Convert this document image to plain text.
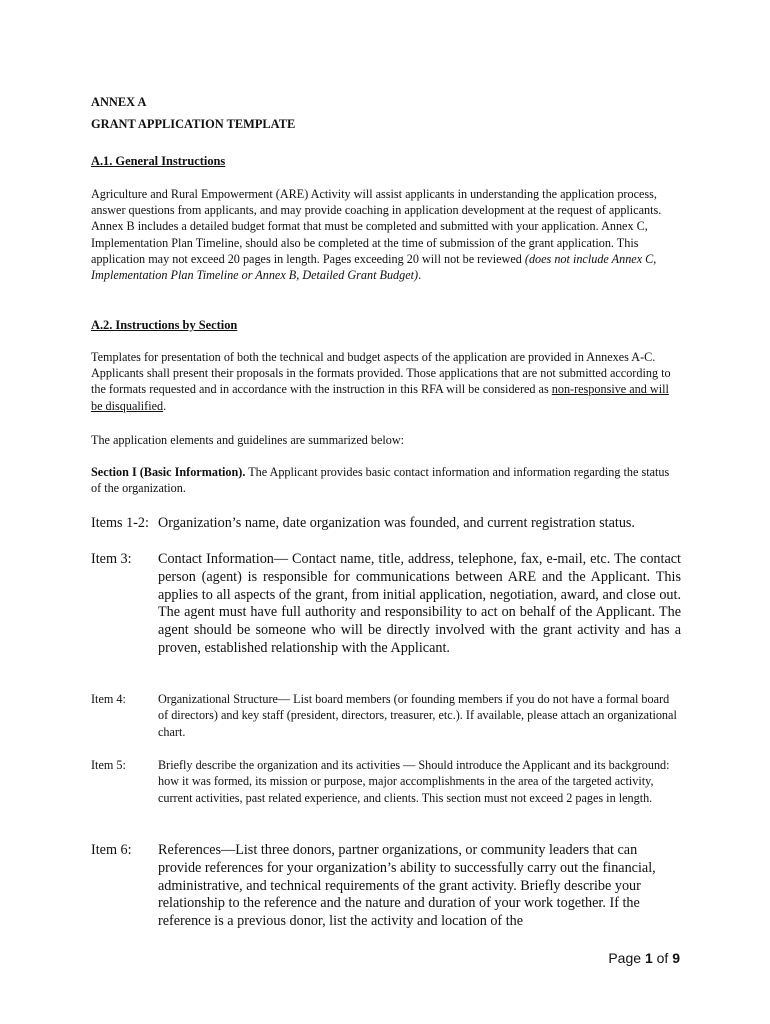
ANNEX A
GRANT APPLICATION TEMPLATE
A.1. General Instructions
Agriculture and Rural Empowerment (ARE) Activity will assist applicants in understanding the application process, answer questions from applicants, and may provide coaching in application development at the request of applicants. Annex B includes a detailed budget format that must be completed and submitted with your application. Annex C, Implementation Plan Timeline, should also be completed at the time of submission of the grant application. This application may not exceed 20 pages in length. Pages exceeding 20 will not be reviewed (does not include Annex C, Implementation Plan Timeline or Annex B, Detailed Grant Budget).
A.2. Instructions by Section
Templates for presentation of both the technical and budget aspects of the application are provided in Annexes A-C. Applicants shall present their proposals in the formats provided. Those applications that are not submitted according to the formats requested and in accordance with the instruction in this RFA will be considered as non-responsive and will be disqualified.
The application elements and guidelines are summarized below:
Section I (Basic Information). The Applicant provides basic contact information and information regarding the status of the organization.
Items 1-2: Organization’s name, date organization was founded, and current registration status.
Item 3: Contact Information— Contact name, title, address, telephone, fax, e-mail, etc. The contact person (agent) is responsible for communications between ARE and the Applicant. This applies to all aspects of the grant, from initial application, negotiation, award, and close out. The agent must have full authority and responsibility to act on behalf of the Applicant. The agent should be someone who will be directly involved with the grant activity and has a proven, established relationship with the Applicant.
Item 4:	Organizational Structure— List board members (or founding members if you do not have a formal board of directors) and key staff (president, directors, treasurer, etc.). If available, please attach an organizational chart.
Item 5:	Briefly describe the organization and its activities — Should introduce the Applicant and its background: how it was formed, its mission or purpose, major accomplishments in the area of the targeted activity, current activities, past related experience, and clients. This section must not exceed 2 pages in length.
Item 6: References—List three donors, partner organizations, or community leaders that can provide references for your organization’s ability to successfully carry out the financial, administrative, and technical requirements of the grant activity. Briefly describe your relationship to the reference and the nature and duration of your work together. If the reference is a previous donor, list the activity and location of the
Page 1 of 9
